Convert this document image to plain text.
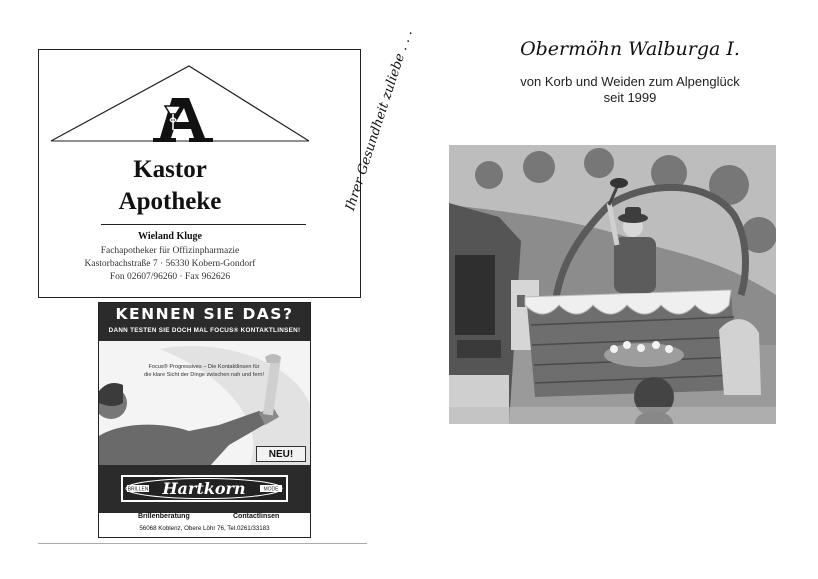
Kastor
Apotheke
Wieland Kluge
Fachapotheker für Offizinpharmazie
Kastorbachstraße 7 · 56330 Kobern-Gondorf
Fon 02607/96260 · Fax 962626
Ihrer Gesundheit zuliebe . . .
KENNEN SIE DAS?
DANN TESTEN SIE DOCH MAL FOCUS® KONTAKTLINSEN!
Focus® Progressives – Die Kontaktlinsen für
die klare Sicht der Dinge zwischen nah und fern!
NEU!
BRILLEN	MODE
Hartkorn
Brillenberatung	Contactlinsen
56068 Koblenz, Obere Löhr 76, Tel.0261/33183
Obermöhn Walburga I.
von Korb und Weiden zum Alpenglück
seit 1999
